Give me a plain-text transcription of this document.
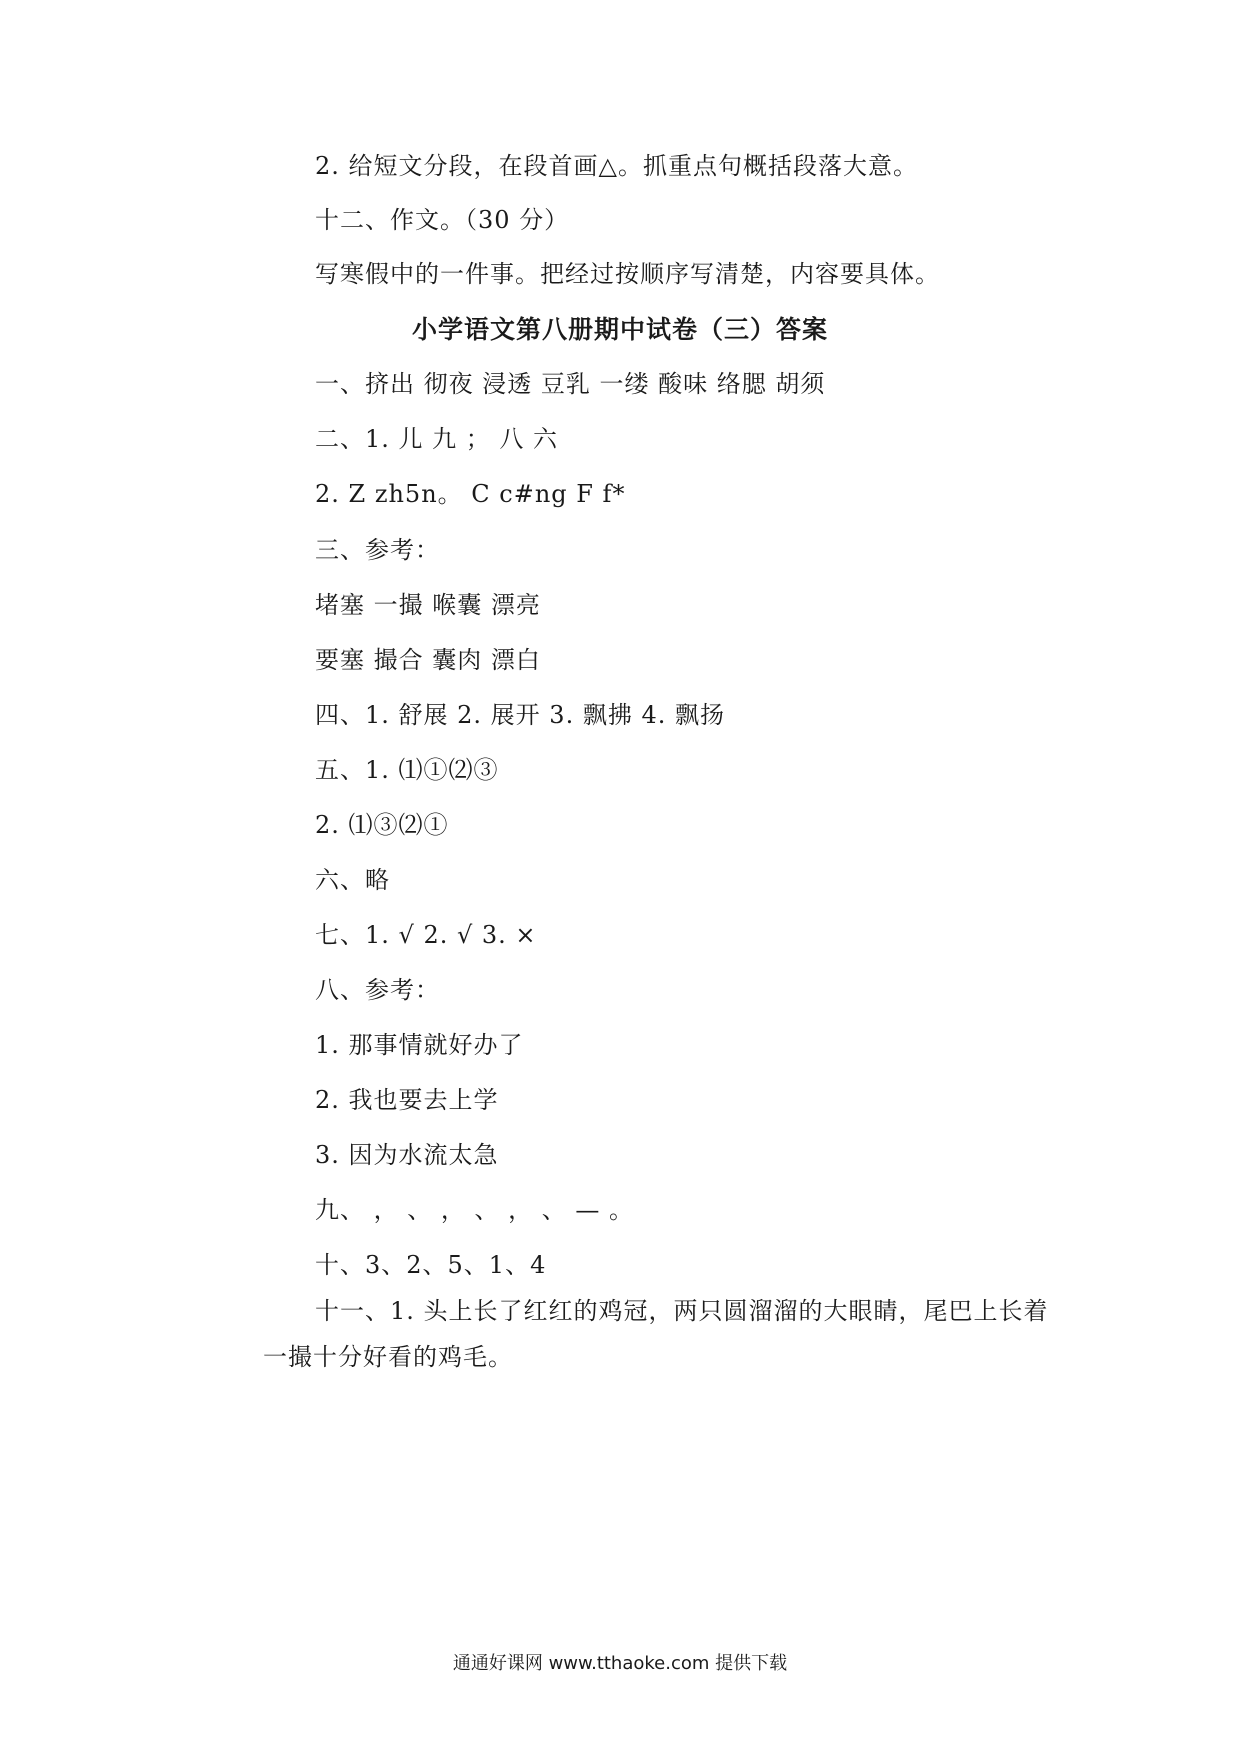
2. 给短文分段，在段首画△。抓重点句概括段落大意。
十二、作文。（30 分）
写寒假中的一件事。把经过按顺序写清楚，内容要具体。
小学语文第八册期中试卷（三）答案
一、挤出 彻夜 浸透 豆乳 一缕 酸味 络腮 胡须
二、1. 儿 九 ； 八 六
2. Z zh5n。 C c#ng F f*
三、参考：
堵塞 一撮 喉囊 漂亮
要塞 撮合 囊肉 漂白
四、1. 舒展 2. 展开 3. 飘拂 4. 飘扬
五、1. ⑴①⑵③
2. ⑴③⑵①
六、略
七、1. √ 2. √ 3. ×
八、参考：
1. 那事情就好办了
2. 我也要去上学
3. 因为水流太急
九、 ， 、 ， 、 ， 、 — 。
十、3、2、5、1、4
十一、1. 头上长了红红的鸡冠，两只圆溜溜的大眼睛，尾巴上长着一撮十分好看的鸡毛。
通通好课网 www.tthaoke.com 提供下载
